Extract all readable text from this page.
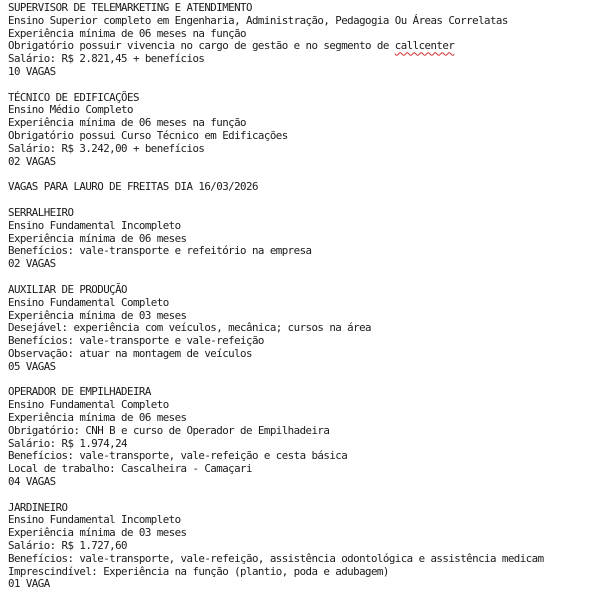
SUPERVISOR DE TELEMARKETING E ATENDIMENTO
Ensino Superior completo em Engenharia, Administração, Pedagogia Ou Áreas Correlatas
Experiência mínima de 06 meses na função
Obrigatório possuir vivencia no cargo de gestão e no segmento de callcenter
Salário: R$ 2.821,45 + benefícios
10 VAGAS
TÉCNICO DE EDIFICAÇÕES
Ensino Médio Completo
Experiência mínima de 06 meses na função
Obrigatório possui Curso Técnico em Edificações
Salário: R$ 3.242,00 + benefícios
02 VAGAS
VAGAS PARA LAURO DE FREITAS DIA 16/03/2026
SERRALHEIRO
Ensino Fundamental Incompleto
Experiência mínima de 06 meses
Benefícios: vale-transporte e refeitório na empresa
02 VAGAS
AUXILIAR DE PRODUÇÃO
Ensino Fundamental Completo
Experiência mínima de 03 meses
Desejável: experiência com veículos, mecânica; cursos na área
Benefícios: vale-transporte e vale-refeição
Observação: atuar na montagem de veículos
05 VAGAS
OPERADOR DE EMPILHADEIRA
Ensino Fundamental Completo
Experiência mínima de 06 meses
Obrigatório: CNH B e curso de Operador de Empilhadeira
Salário: R$ 1.974,24
Benefícios: vale-transporte, vale-refeição e cesta básica
Local de trabalho: Cascalheira - Camaçari
04 VAGAS
JARDINEIRO
Ensino Fundamental Incompleto
Experiência mínima de 03 meses
Salário: R$ 1.727,60
Benefícios: vale-transporte, vale-refeição, assistência odontológica e assistência medicam
Imprescindível: Experiência na função (plantio, poda e adubagem)
01 VAGA
